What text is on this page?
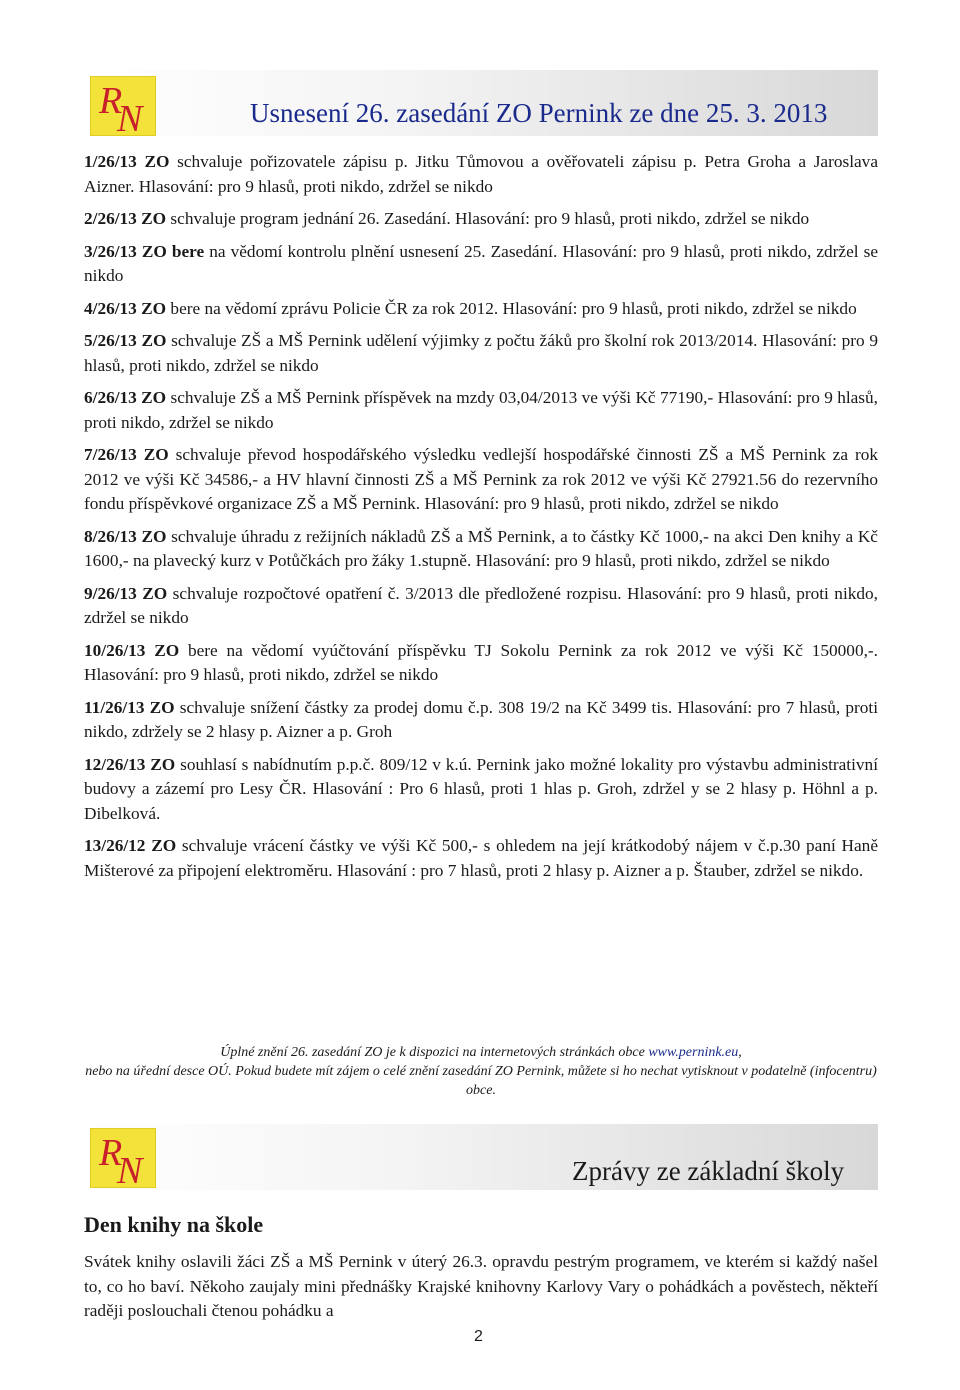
R
N	Usnesení 26. zasedání ZO Pernink ze dne 25. 3. 2013
1/26/13 ZO schvaluje pořizovatele zápisu p. Jitku Tůmovou a ověřovateli zápisu p. Petra Groha a Jaroslava Aizner. Hlasování: pro 9 hlasů, proti nikdo, zdržel se nikdo
2/26/13 ZO schvaluje program jednání 26. Zasedání. Hlasování: pro 9 hlasů, proti nikdo, zdržel se nikdo
3/26/13 ZO bere na vědomí kontrolu plnění usnesení 25. Zasedání. Hlasování: pro 9 hlasů, proti nikdo, zdržel se nikdo
4/26/13 ZO bere na vědomí zprávu Policie ČR za rok 2012. Hlasování: pro 9 hlasů, proti nikdo, zdržel se nikdo
5/26/13 ZO schvaluje ZŠ a MŠ Pernink udělení výjimky z počtu žáků pro školní rok 2013/2014. Hlasování: pro 9 hlasů, proti nikdo, zdržel se nikdo
6/26/13 ZO schvaluje ZŠ a MŠ Pernink příspěvek na mzdy 03,04/2013 ve výši Kč 77190,- Hlasování: pro 9 hlasů, proti nikdo, zdržel se nikdo
7/26/13 ZO schvaluje převod hospodářského výsledku vedlejší hospodářské činnosti ZŠ a MŠ Pernink za rok 2012 ve výši Kč 34586,- a HV hlavní činnosti ZŠ a MŠ Pernink za rok 2012 ve výši Kč 27921.56 do rezervního fondu příspěvkové organizace ZŠ a MŠ Pernink. Hlasování: pro 9 hlasů, proti nikdo, zdržel se nikdo
8/26/13 ZO schvaluje úhradu z režijních nákladů ZŠ a MŠ Pernink, a to částky Kč 1000,- na akci Den knihy a Kč 1600,- na plavecký kurz v Potůčkách pro žáky 1.stupně. Hlasování: pro 9 hlasů, proti nikdo, zdržel se nikdo
9/26/13 ZO schvaluje rozpočtové opatření č. 3/2013 dle předložené rozpisu. Hlasování: pro 9 hlasů, proti nikdo, zdržel se nikdo
10/26/13 ZO bere na vědomí vyúčtování příspěvku TJ Sokolu Pernink za rok 2012 ve výši Kč 150000,-. Hlasování: pro 9 hlasů, proti nikdo, zdržel se nikdo
11/26/13 ZO schvaluje snížení částky za prodej domu č.p. 308 19/2 na Kč 3499 tis. Hlasování: pro 7 hlasů, proti nikdo, zdržely se 2 hlasy p. Aizner a p. Groh
12/26/13 ZO souhlasí s nabídnutím p.p.č. 809/12 v k.ú. Pernink jako možné lokality pro výstavbu administrativní budovy a zázemí pro Lesy ČR. Hlasování : Pro 6 hlasů, proti 1 hlas p. Groh, zdržel y se 2 hlasy p. Höhnl a p. Dibelková.
13/26/12 ZO schvaluje vrácení částky ve výši Kč 500,- s ohledem na její krátkodobý nájem v č.p.30 paní Haně Mišterové za připojení elektroměru. Hlasování : pro 7 hlasů, proti 2 hlasy p. Aizner a p. Štauber, zdržel se nikdo.
Úplné znění 26. zasedání ZO je k dispozici na internetových stránkách obce www.pernink.eu,
nebo na úřední desce OÚ. Pokud budete mít zájem o celé znění zasedání ZO Pernink, můžete si ho nechat vytisknout v podatelně (infocentru) obce.
R
N	Zprávy ze základní školy
Den knihy na škole
Svátek knihy oslavili žáci ZŠ a MŠ Pernink v úterý 26.3. opravdu pestrým programem, ve kterém si každý našel to, co ho baví. Někoho zaujaly mini přednášky Krajské knihovny Karlovy Vary o pohádkách a pověstech, někteří raději poslouchali čtenou pohádku a
2
